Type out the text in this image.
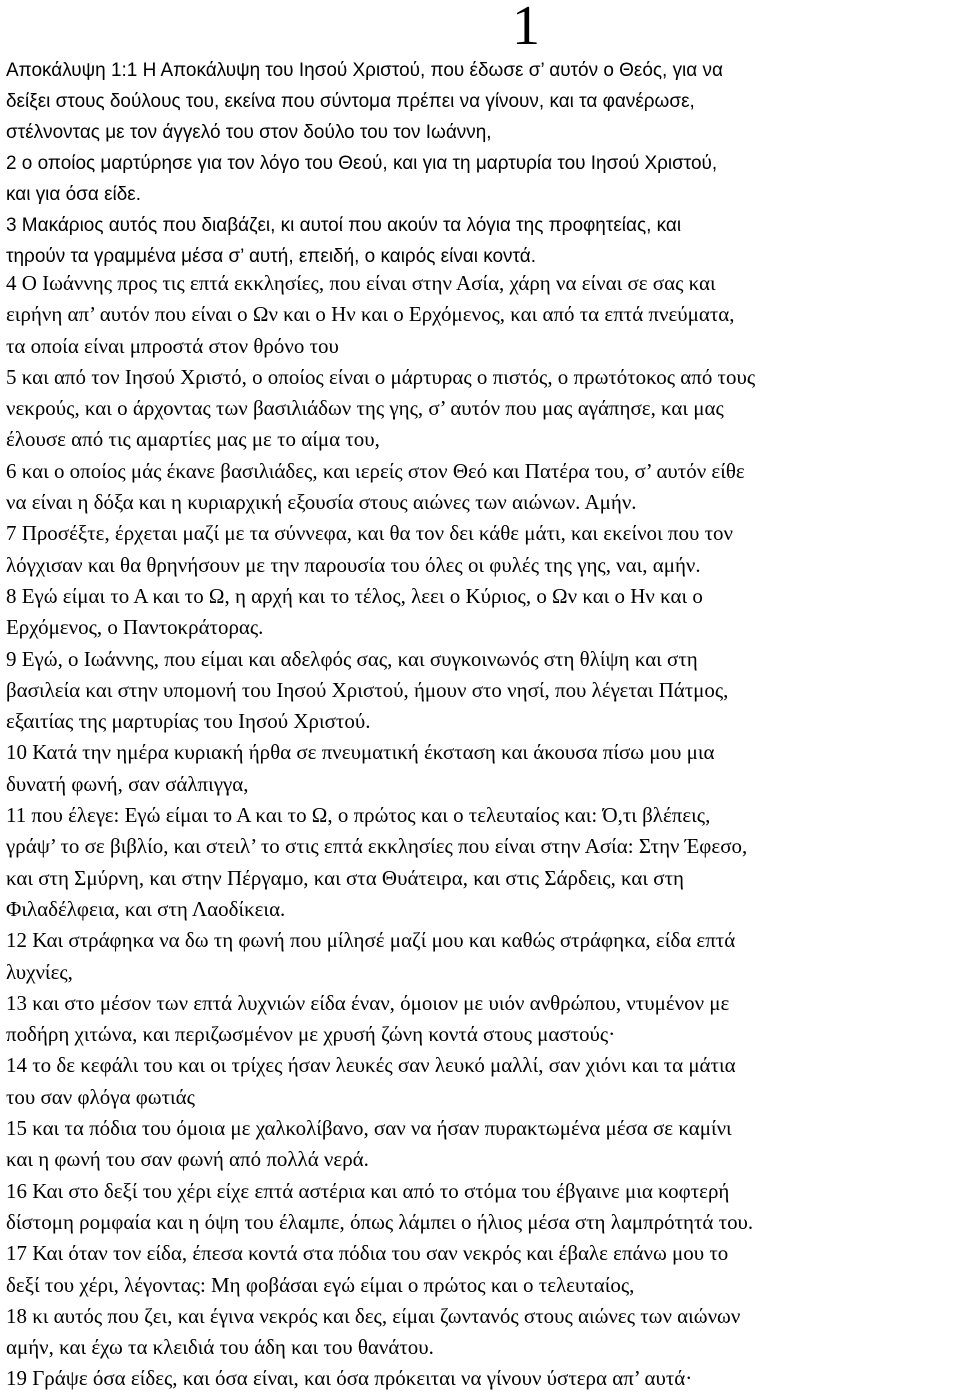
1
Αποκάλυψη 1:1 Η Αποκάλυψη του Ιησού Χριστού, που έδωσε σ’ αυτόν ο Θεός, για να
δείξει στους δούλους του, εκείνα που σύντομα πρέπει να γίνουν, και τα φανέρωσε,
στέλνοντας με τον άγγελό του στον δούλο του τον Ιωάννη,
2 ο οποίος μαρτύρησε για τον λόγο του Θεού, και για τη μαρτυρία του Ιησού Χριστού,
και για όσα είδε.
3 Μακάριος αυτός που διαβάζει, κι αυτοί που ακούν τα λόγια της προφητείας, και
τηρούν τα γραμμένα μέσα σ’ αυτή, επειδή, ο καιρός είναι κοντά.
4 Ο Ιωάννης προς τις επτά εκκλησίες, που είναι στην Ασία, χάρη να είναι σε σας και
ειρήνη απ’ αυτόν που είναι ο Ων και ο Ην και ο Ερχόμενος, και από τα επτά πνεύματα,
τα οποία είναι μπροστά στον θρόνο του
5 και από τον Ιησού Χριστό, ο οποίος είναι ο μάρτυρας ο πιστός, ο πρωτότοκος από τους
νεκρούς, και ο άρχοντας των βασιλιάδων της γης, σ’ αυτόν που μας αγάπησε, και μας
έλουσε από τις αμαρτίες μας με το αίμα του,
6 και ο οποίος μάς έκανε βασιλιάδες, και ιερείς στον Θεό και Πατέρα του, σ’ αυτόν είθε
να είναι η δόξα και η κυριαρχική εξουσία στους αιώνες των αιώνων. Αμήν.
7 Προσέξτε, έρχεται μαζί με τα σύννεφα, και θα τον δει κάθε μάτι, και εκείνοι που τον
λόγχισαν και θα θρηνήσουν με την παρουσία του όλες οι φυλές της γης, ναι, αμήν.
8 Εγώ είμαι το Α και το Ω, η αρχή και το τέλος, λεει ο Κύριος, ο Ων και ο Ην και ο
Ερχόμενος, ο Παντοκράτορας.
9 Εγώ, ο Ιωάννης, που είμαι και αδελφός σας, και συγκοινωνός στη θλίψη και στη
βασιλεία και στην υπομονή του Ιησού Χριστού, ήμουν στο νησί, που λέγεται Πάτμος,
εξαιτίας της μαρτυρίας του Ιησού Χριστού.
10 Κατά την ημέρα κυριακή ήρθα σε πνευματική έκσταση και άκουσα πίσω μου μια
δυνατή φωνή, σαν σάλπιγγα,
11 που έλεγε: Εγώ είμαι το Α και το Ω, ο πρώτος και ο τελευταίος και: Ό,τι βλέπεις,
γράψ’ το σε βιβλίο, και στειλ’ το στις επτά εκκλησίες που είναι στην Ασία: Στην Έφεσο,
και στη Σμύρνη, και στην Πέργαμο, και στα Θυάτειρα, και στις Σάρδεις, και στη
Φιλαδέλφεια, και στη Λαοδίκεια.
12 Και στράφηκα να δω τη φωνή που μίλησέ μαζί μου και καθώς στράφηκα, είδα επτά
λυχνίες,
13 και στο μέσον των επτά λυχνιών είδα έναν, όμοιον με υιόν ανθρώπου, ντυμένον με
ποδήρη χιτώνα, και περιζωσμένον με χρυσή ζώνη κοντά στους μαστούς·
14 το δε κεφάλι του και οι τρίχες ήσαν λευκές σαν λευκό μαλλί, σαν χιόνι και τα μάτια
του σαν φλόγα φωτιάς
15 και τα πόδια του όμοια με χαλκολίβανο, σαν να ήσαν πυρακτωμένα μέσα σε καμίνι
και η φωνή του σαν φωνή από πολλά νερά.
16 Και στο δεξί του χέρι είχε επτά αστέρια και από το στόμα του έβγαινε μια κοφτερή
δίστομη ρομφαία και η όψη του έλαμπε, όπως λάμπει ο ήλιος μέσα στη λαμπρότητά του.
17 Και όταν τον είδα, έπεσα κοντά στα πόδια του σαν νεκρός και έβαλε επάνω μου το
δεξί του χέρι, λέγοντας: Μη φοβάσαι εγώ είμαι ο πρώτος και ο τελευταίος,
18 κι αυτός που ζει, και έγινα νεκρός και δες, είμαι ζωντανός στους αιώνες των αιώνων
αμήν, και έχω τα κλειδιά του άδη και του θανάτου.
19 Γράψε όσα είδες, και όσα είναι, και όσα πρόκειται να γίνουν ύστερα απ’ αυτά·
